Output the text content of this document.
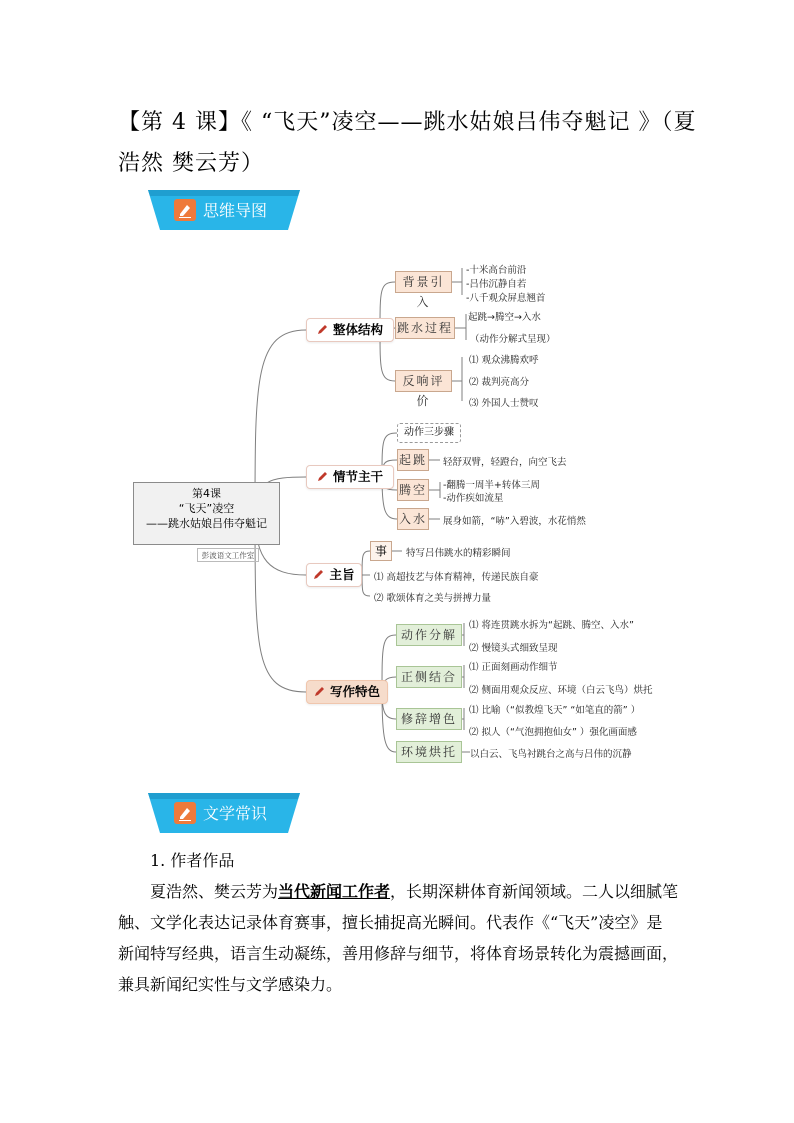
【第 4 课】《 “飞天”凌空——跳水姑娘吕伟夺魁记 》（夏浩然 樊云芳）
思维导图
第4课
“飞天”凌空
——跳水姑娘吕伟夺魁记
彭波语文工作室
整体结构
背景引入
跳水过程
反响评价
-十米高台前沿
-吕伟沉静自若
-八千观众屏息翘首
起跳→腾空→入水
（动作分解式呈现）
⑴ 观众沸腾欢呼
⑵ 裁判亮高分
⑶ 外国人士赞叹
情节主干
动作三步骤
起跳
腾空
入水
轻舒双臂，轻蹬台，向空飞去
-翻腾一周半+转体三周
-动作疾如流星
展身如箭，“哧”入碧波，水花悄然
主旨
事	特写吕伟跳水的精彩瞬间
⑴ 高超技艺与体育精神，传递民族自豪
⑵ 歌颂体育之美与拼搏力量
写作特色
动作分解
正侧结合
修辞增色
环境烘托
⑴ 将连贯跳水拆为“起跳、腾空、入水”
⑵ 慢镜头式细致呈现
⑴ 正面刻画动作细节
⑵ 侧面用观众反应、环境（白云飞鸟）烘托
⑴ 比喻（“似教煌飞天” “如笔直的箭” ）
⑵ 拟人（“气泡拥抱仙女” ）强化画面感
以白云、飞鸟衬跳台之高与吕伟的沉静
文学常识
1. 作者作品
夏浩然、樊云芳为当代新闻工作者，长期深耕体育新闻领域。二人以细腻笔
触、文学化表达记录体育赛事，擅长捕捉高光瞬间。代表作《“飞天”凌空》是
新闻特写经典，语言生动凝练，善用修辞与细节，将体育场景转化为震撼画面，
兼具新闻纪实性与文学感染力。
